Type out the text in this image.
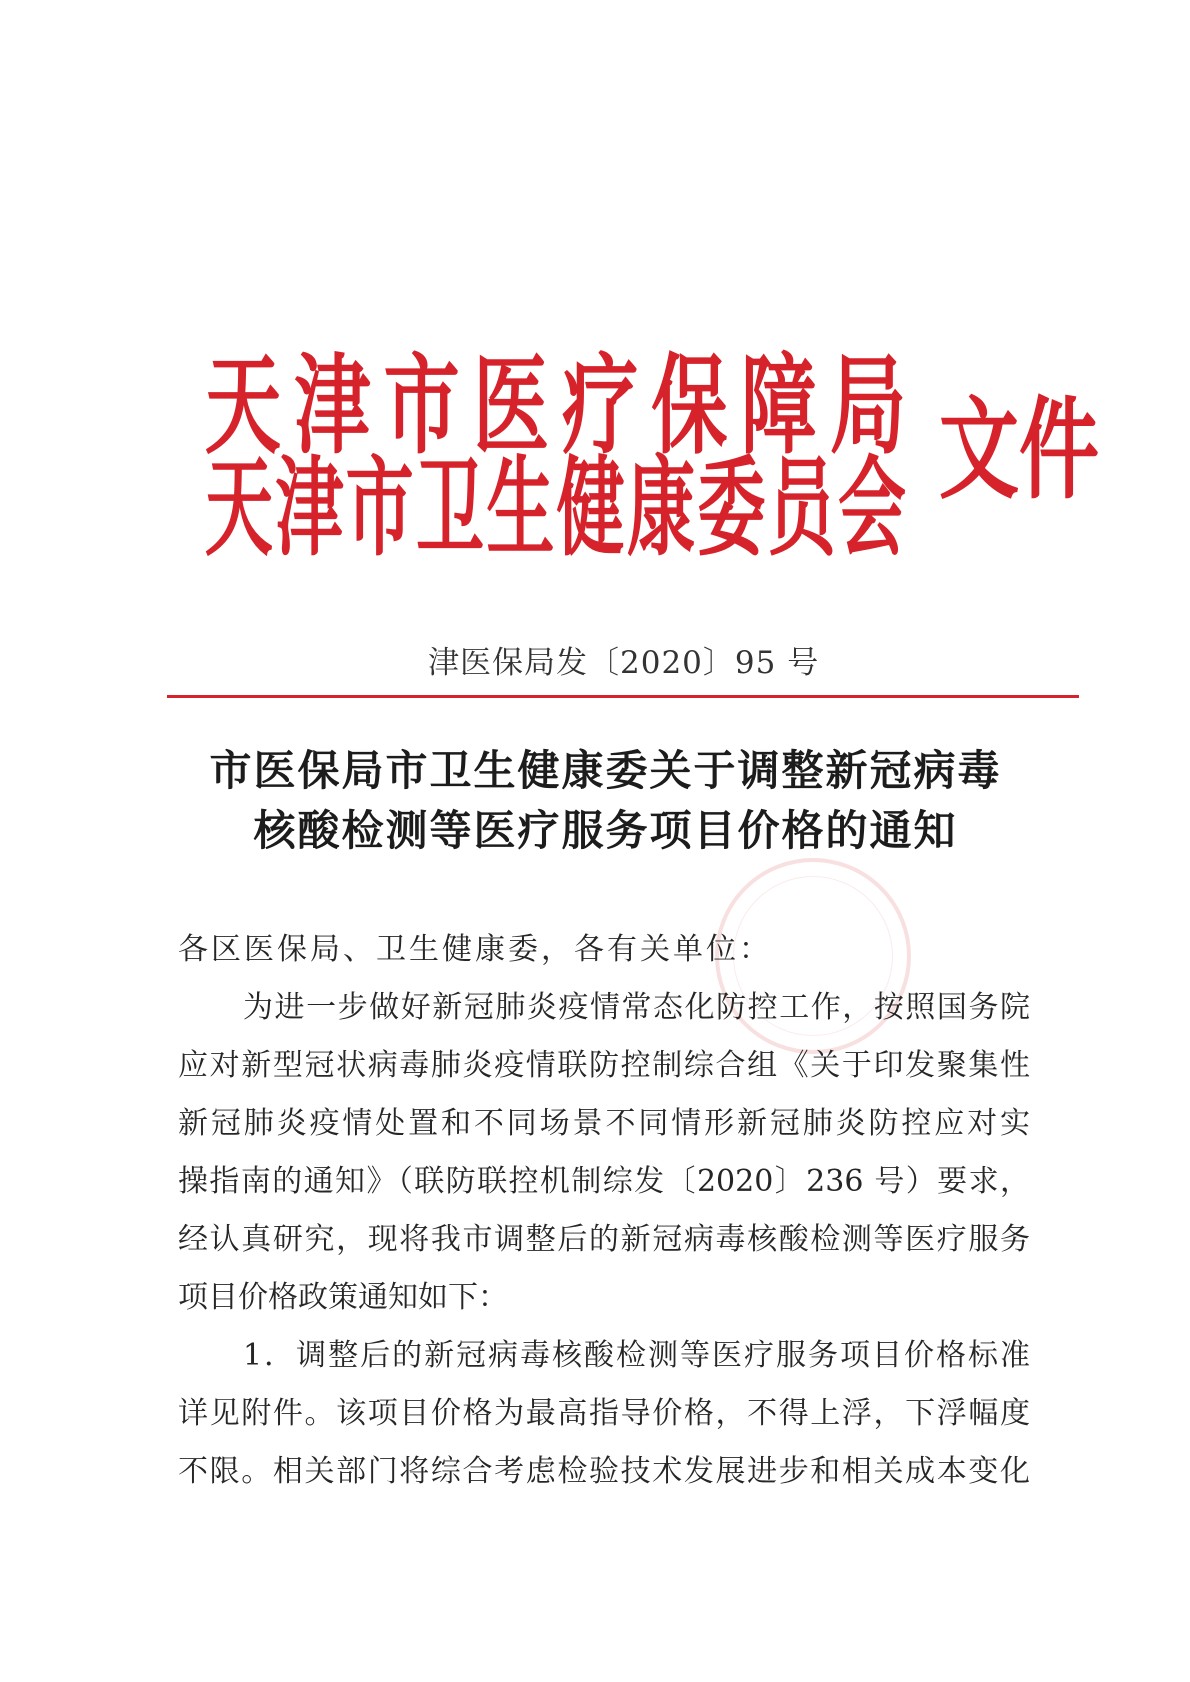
天津市医疗保障局
天津市卫生健康委员会 文件
津医保局发〔2020〕95 号
市医保局市卫生健康委关于调整新冠病毒
核酸检测等医疗服务项目价格的通知
各区医保局、卫生健康委，各有关单位：
为进一步做好新冠肺炎疫情常态化防控工作，按照国务院
应对新型冠状病毒肺炎疫情联防控制综合组《关于印发聚集性
新冠肺炎疫情处置和不同场景不同情形新冠肺炎防控应对实
操指南的通知》（联防联控机制综发〔2020〕236 号）要求，
经认真研究，现将我市调整后的新冠病毒核酸检测等医疗服务
项目价格政策通知如下：
1．调整后的新冠病毒核酸检测等医疗服务项目价格标准
详见附件。该项目价格为最高指导价格，不得上浮，下浮幅度
不限。相关部门将综合考虑检验技术发展进步和相关成本变化
